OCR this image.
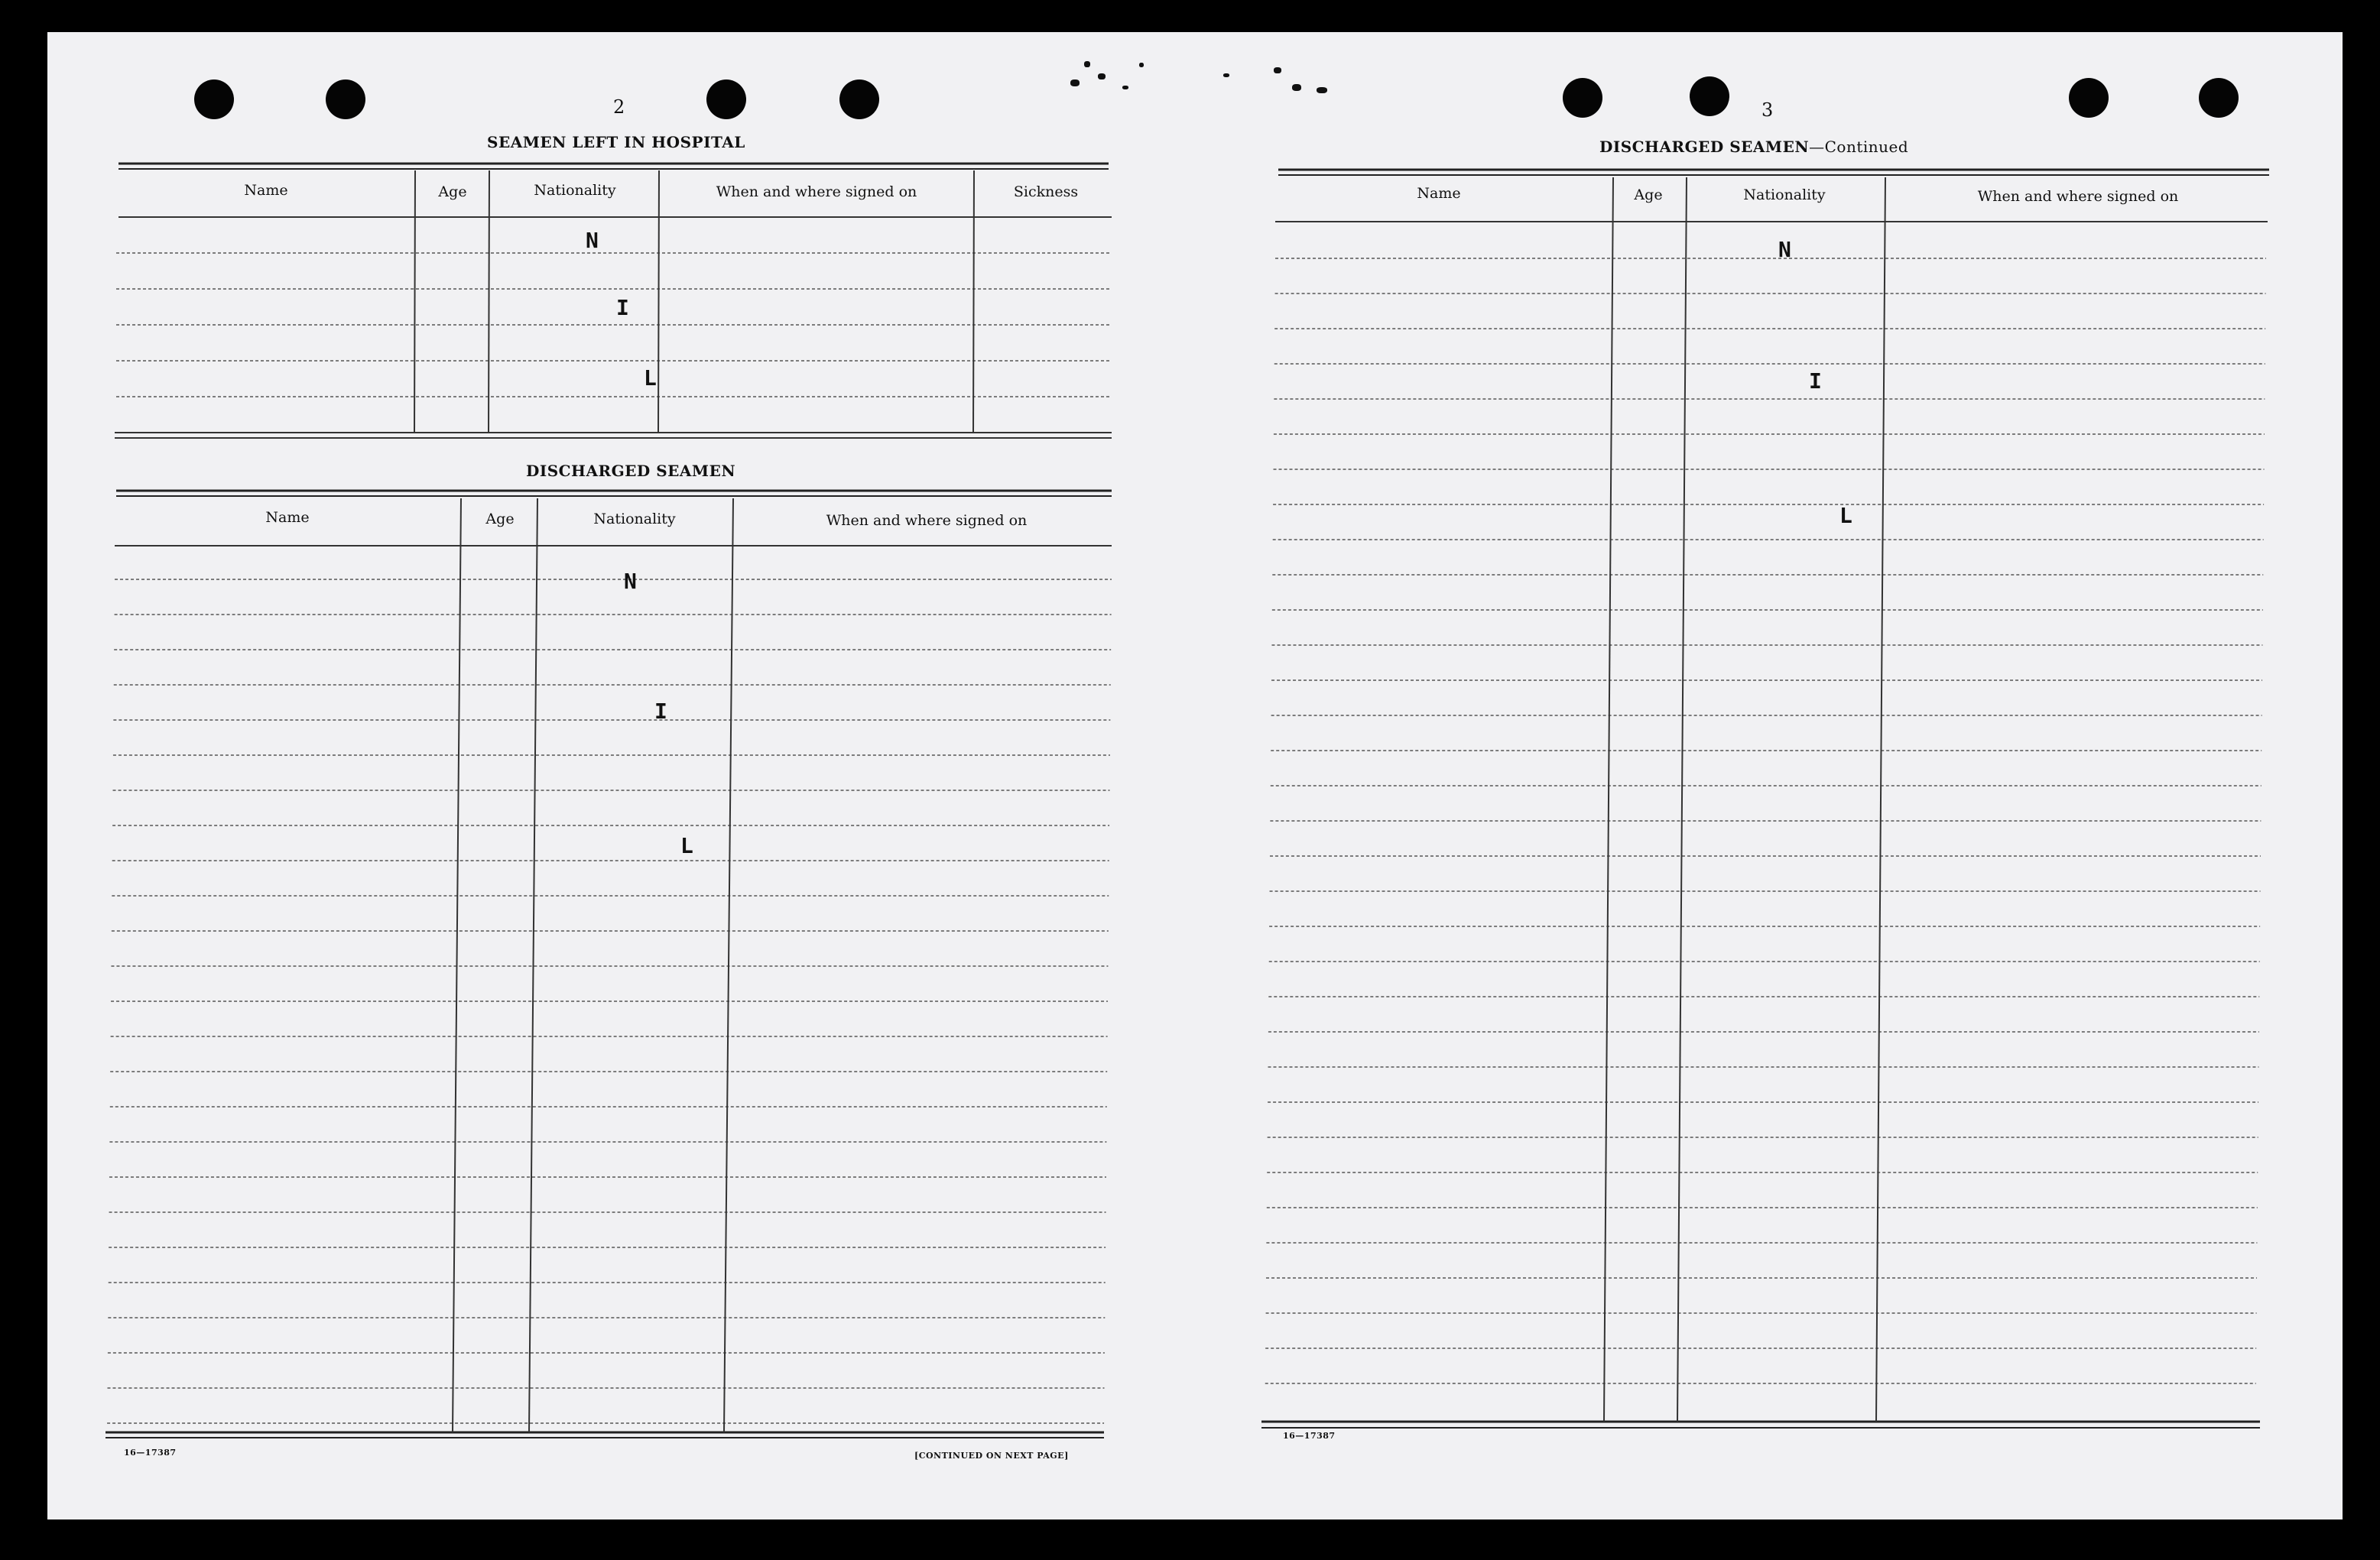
2
SEAMEN LEFT IN HOSPITAL
Name	Age	Nationality	When and where signed on	Sickness
N
I
L
DISCHARGED SEAMEN
Name	Age	Nationality	When and where signed on
N
I
L
16—17387	[CONTINUED ON NEXT PAGE]
3
DISCHARGED SEAMEN—Continued
Name	Age	Nationality	When and where signed on
N
I
L
16—17387
